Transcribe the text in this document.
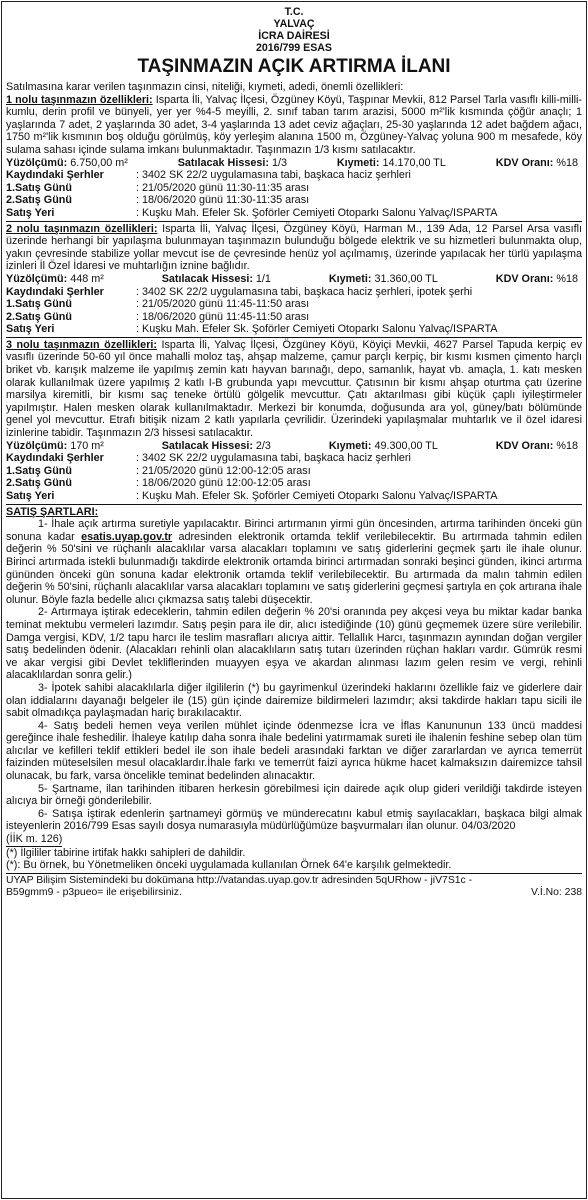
T.C.
YALVAÇ
İCRA DAİRESİ
2016/799 ESAS
TAŞINMAZIN AÇIK ARTIRMA İLANI
Satılmasına karar verilen taşınmazın cinsi, niteliği, kıymeti, adedi, önemli özellikleri:
1 nolu taşınmazın özellikleri: Isparta İli, Yalvaç İlçesi, Özgüney Köyü, Taşpınar Mevkii, 812 Parsel Tarla vasıflı killi-milli-kumlu, derin profil ve bünyeli, yer yer %4-5 meyilli, 2. sınıf taban tarım arazisi, 5000 m²'lik kısmında çöğür anaçlı; 1 yaşlarında 7 adet, 2 yaşlarında 30 adet, 3-4 yaşlarında 13 adet ceviz ağaçları, 25-30 yaşlarında 12 adet bağdem ağacı, 1750 m²'lik kısmının boş olduğu görülmüş, köy yerleşim alanına 1500 m, Özgüney-Yalvaç yoluna 900 m mesafede, köy sulama sahası içinde sulama imkanı bulunmaktadır. Taşınmazın 1/3 kısmı satılacaktır.
Yüzölçümü: 6.750,00 m²	Satılacak Hissesi: 1/3	Kıymeti: 14.170,00 TL	KDV Oranı: %18
Kaydındaki Şerhler	: 3402 SK 22/2 uygulamasına tabi, başkaca haciz şerhleri
1.Satış Günü	: 21/05/2020 günü 11:30-11:35 arası
2.Satış Günü	: 18/06/2020 günü 11:30-11:35 arası
Satış Yeri	: Kuşku Mah. Efeler Sk. Şoförler Cemiyeti Otoparkı Salonu Yalvaç/ISPARTA
2 nolu taşınmazın özellikleri: Isparta İli, Yalvaç İlçesi, Özgüney Köyü, Harman M., 139 Ada, 12 Parsel Arsa vasıflı üzerinde herhangi bir yapılaşma bulunmayan taşınmazın bulunduğu bölgede elektrik ve su hizmetleri bulunmakta olup, yakın çevresinde stabilize yollar mevcut ise de çevresinde henüz yol açılmamış, üzerinde yapılacak her türlü yapılaşma izinleri İl Özel İdaresi ve muhtarlığın iznine bağlıdır.
Yüzölçümü: 448 m²	Satılacak Hissesi: 1/1	Kıymeti: 31.360,00 TL	KDV Oranı: %18
Kaydındaki Şerhler	: 3402 SK 22/2 uygulamasına tabi, başkaca haciz şerhleri, ipotek şerhi
1.Satış Günü	: 21/05/2020 günü 11:45-11:50 arası
2.Satış Günü	: 18/06/2020 günü 11:45-11:50 arası
Satış Yeri	: Kuşku Mah. Efeler Sk. Şoförler Cemiyeti Otoparkı Salonu Yalvaç/ISPARTA
3 nolu taşınmazın özellikleri: Isparta İli, Yalvaç İlçesi, Özgüney Köyü, Köyiçi Mevkii, 4627 Parsel Tapuda kerpiç ev vasıflı üzerinde 50-60 yıl önce mahalli moloz taş, ahşap malzeme, çamur parçlı kerpiç, bir kısmı kısmen çimento harçlı briket vb. karışık malzeme ile yapılmış zemin katı hayvan barınağı, depo, samanlık, hayat vb. amaçla, 1. katı mesken olarak kullanılmak üzere yapılmış 2 katlı I-B grubunda yapı mevcuttur. Çatısının bir kısmı ahşap oturtma çatı üzerine marsilya kiremitli, bir kısmı saç teneke örtülü gölgelik mevcuttur. Çatı aktarılması gibi küçük çaplı iyileştirmeler yapılmıştır. Halen mesken olarak kullanılmaktadır. Merkezi bir konumda, doğusunda ara yol, güney/batı bölümünde genel yol mevcuttur. Etrafı bitişik nizam 2 katlı yapılarla çevrilidir. Üzerindeki yapılaşmalar muhtarlık ve il özel idaresi izinlerine tabidir. Taşınmazın 2/3 hissesi satılacaktır.
Yüzölçümü: 170 m²	Satılacak Hissesi: 2/3	Kıymeti: 49.300,00 TL	KDV Oranı: %18
Kaydındaki Şerhler	: 3402 SK 22/2 uygulamasına tabi, başkaca haciz şerhleri
1.Satış Günü	: 21/05/2020 günü 12:00-12:05 arası
2.Satış Günü	: 18/06/2020 günü 12:00-12:05 arası
Satış Yeri	: Kuşku Mah. Efeler Sk. Şoförler Cemiyeti Otoparkı Salonu Yalvaç/ISPARTA
SATIŞ ŞARTLARI:
1- İhale açık artırma suretiyle yapılacaktır. Birinci artırmanın yirmi gün öncesinden, artırma tarihinden önceki gün sonuna kadar esatis.uyap.gov.tr adresinden elektronik ortamda teklif verilebilecektir. Bu artırmada tahmin edilen değerin % 50'sini ve rüçhanlı alacaklılar varsa alacakları toplamını ve satış giderlerini geçmek şartı ile ihale olunur. Birinci artırmada istekli bulunmadığı takdirde elektronik ortamda birinci artırmadan sonraki beşinci günden, ikinci artırma gününden önceki gün sonuna kadar elektronik ortamda teklif verilebilecektir. Bu artırmada da malın tahmin edilen değerin % 50'sini, rüçhanlı alacaklılar varsa alacakları toplamını ve satış giderlerini geçmesi şartıyla en çok artırana ihale olunur. Böyle fazla bedelle alıcı çıkmazsa satış talebi düşecektir.
2- Artırmaya iştirak edeceklerin, tahmin edilen değerin % 20'si oranında pey akçesi veya bu miktar kadar banka teminat mektubu vermeleri lazımdır. Satış peşin para ile dir, alıcı istediğinde (10) günü geçmemek üzere süre verilebilir. Damga vergisi, KDV, 1/2 tapu harcı ile teslim masrafları alıcıya aittir. Tellallık Harcı, taşınmazın aynından doğan vergiler satış bedelinden ödenir. (Alacakları rehinli olan alacaklıların satış tutarı üzerinden rüçhan hakları vardır. Gümrük resmi ve akar vergisi gibi Devlet tekliflerinden muayyen eşya ve akardan alınması lazım gelen resim ve vergi, rehinli alacaklılardan sonra gelir.)
3- İpotek sahibi alacaklılarla diğer ilgililerin (*) bu gayrimenkul üzerindeki haklarını özellikle faiz ve giderlere dair olan iddialarını dayanağı belgeler ile (15) gün içinde dairemize bildirmeleri lazımdır; aksi takdirde hakları tapu sicili ile sabit olmadıkça paylaşmadan hariç bırakılacaktır.
4- Satış bedeli hemen veya verilen mühlet içinde ödenmezse İcra ve İflas Kanununun 133 üncü maddesi gereğince ihale feshedilir. İhaleye katılıp daha sonra ihale bedelini yatırmamak sureti ile ihalenin feshine sebep olan tüm alıcılar ve kefilleri teklif ettikleri bedel ile son ihale bedeli arasındaki farktan ve diğer zararlardan ve ayrıca temerrüt faizinden müteselsilen mesul olacaklardır.İhale farkı ve temerrüt faizi ayrıca hükme hacet kalmaksızın dairemizce tahsil olunacak, bu fark, varsa öncelikle teminat bedelinden alınacaktır.
5- Şartname, ilan tarihinden itibaren herkesin görebilmesi için dairede açık olup gideri verildiği takdirde isteyen alıcıya bir örneği gönderilebilir.
6- Satışa iştirak edenlerin şartnameyi görmüş ve münderecatını kabul etmiş sayılacakları, başkaca bilgi almak isteyenlerin 2016/799 Esas sayılı dosya numarasıyla müdürlüğümüze başvurmaları ilan olunur. 04/03/2020
(İİK m. 126)
(*) İlgililer tabirine irtifak hakkı sahipleri de dahildir.
(*): Bu örnek, bu Yönetmeliken önceki uygulamada kullanılan Örnek 64'e karşılık gelmektedir.
UYAP Bilişim Sistemindeki bu dokümana http://vatandas.uyap.gov.tr adresinden 5qURhow - jiV7S1c -
B59gmm9 - p3pueo= ile erişebilirsiniz.	V.İ.No: 238
